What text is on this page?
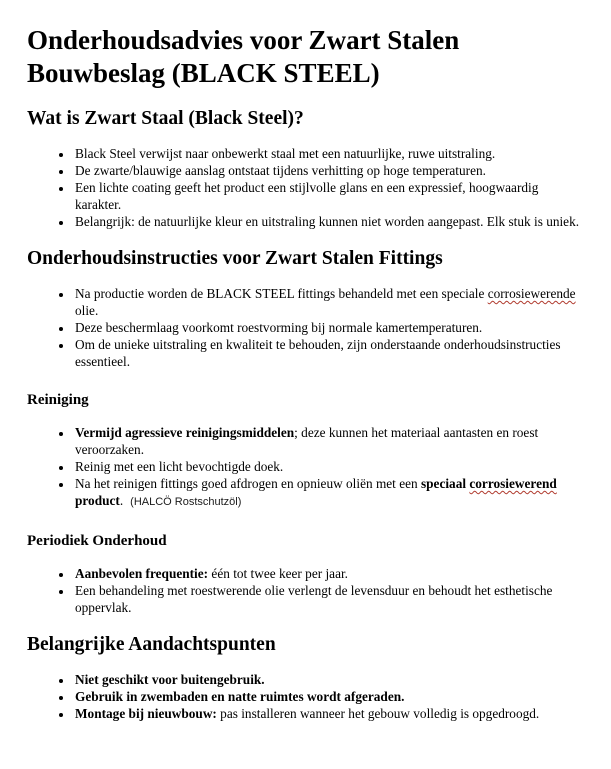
Onderhoudsadvies voor Zwart Stalen Bouwbeslag (BLACK STEEL)
Wat is Zwart Staal (Black Steel)?
• Black Steel verwijst naar onbewerkt staal met een natuurlijke, ruwe uitstraling.
• De zwarte/blauwige aanslag ontstaat tijdens verhitting op hoge temperaturen.
• Een lichte coating geeft het product een stijlvolle glans en een expressief, hoogwaardig karakter.
• Belangrijk: de natuurlijke kleur en uitstraling kunnen niet worden aangepast. Elk stuk is uniek.
Onderhoudsinstructies voor Zwart Stalen Fittings
• Na productie worden de BLACK STEEL fittings behandeld met een speciale corrosiewerende olie.
• Deze beschermlaag voorkomt roestvorming bij normale kamertemperaturen.
• Om de unieke uitstraling en kwaliteit te behouden, zijn onderstaande onderhoudsinstructies essentieel.
Reiniging
• Vermijd agressieve reinigingsmiddelen; deze kunnen het materiaal aantasten en roest veroorzaken.
• Reinig met een licht bevochtigde doek.
• Na het reinigen fittings goed afdrogen en opnieuw oliën met een speciaal corrosiewerend product. (HALCÖ Rostschutzöl)
Periodiek Onderhoud
• Aanbevolen frequentie: één tot twee keer per jaar.
• Een behandeling met roestwerende olie verlengt de levensduur en behoudt het esthetische oppervlak.
Belangrijke Aandachtspunten
• Niet geschikt voor buitengebruik.
• Gebruik in zwembaden en natte ruimtes wordt afgeraden.
• Montage bij nieuwbouw: pas installeren wanneer het gebouw volledig is opgedroogd.
